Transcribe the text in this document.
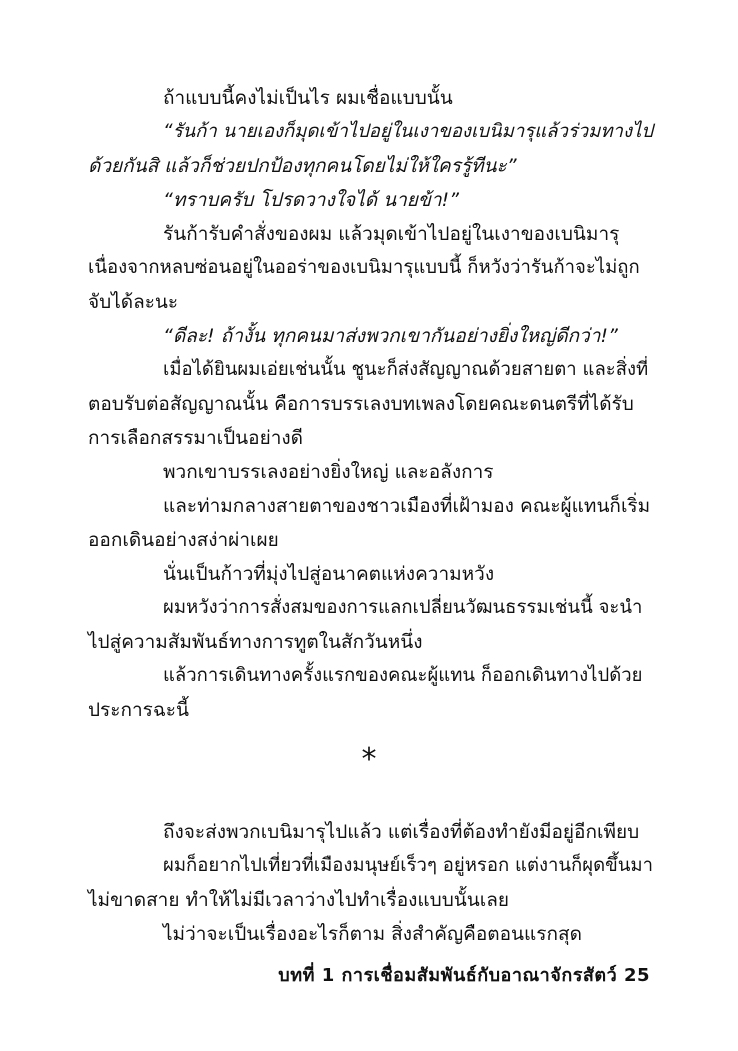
ถ้าแบบนี้คงไม่เป็นไร ผมเชื่อแบบนั้น

“รันก้า นายเองก็มุดเข้าไปอยู่ในเงาของเบนิมารุแล้วร่วมทางไป

ด้วยกันสิ แล้วก็ช่วยปกป้องทุกคนโดยไม่ให้ใครรู้ทีนะ”

“ทราบครับ โปรดวางใจได้ นายข้า!”

รันก้ารับคำสั่งของผม แล้วมุดเข้าไปอยู่ในเงาของเบนิมารุ

เนื่องจากหลบซ่อนอยู่ในออร่าของเบนิมารุแบบนี้ ก็หวังว่ารันก้าจะไม่ถูก

จับได้ละนะ

“ดีละ! ถ้างั้น ทุกคนมาส่งพวกเขากันอย่างยิ่งใหญ่ดีกว่า!”

เมื่อได้ยินผมเอ่ยเช่นนั้น ชูนะก็ส่งสัญญาณด้วยสายตา และสิ่งที่

ตอบรับต่อสัญญาณนั้น คือการบรรเลงบทเพลงโดยคณะดนตรีที่ได้รับ

การเลือกสรรมาเป็นอย่างดี

พวกเขาบรรเลงอย่างยิ่งใหญ่ และอลังการ

และท่ามกลางสายตาของชาวเมืองที่เฝ้ามอง คณะผู้แทนก็เริ่ม

ออกเดินอย่างสง่าผ่าเผย

นั่นเป็นก้าวที่มุ่งไปสู่อนาคตแห่งความหวัง

ผมหวังว่าการสั่งสมของการแลกเปลี่ยนวัฒนธรรมเช่นนี้ จะนำ

ไปสู่ความสัมพันธ์ทางการทูตในสักวันหนึ่ง

แล้วการเดินทางครั้งแรกของคณะผู้แทน ก็ออกเดินทางไปด้วย

ประการฉะนี้

*

ถึงจะส่งพวกเบนิมารุไปแล้ว แต่เรื่องที่ต้องทำยังมีอยู่อีกเพียบ

ผมก็อยากไปเที่ยวที่เมืองมนุษย์เร็วๆ อยู่หรอก แต่งานก็ผุดขึ้นมา

ไม่ขาดสาย ทำให้ไม่มีเวลาว่างไปทำเรื่องแบบนั้นเลย

ไม่ว่าจะเป็นเรื่องอะไรก็ตาม สิ่งสำคัญคือตอนแรกสุด

บทที่ 1 การเชื่อมสัมพันธ์กับอาณาจักรสัตว์ 25
